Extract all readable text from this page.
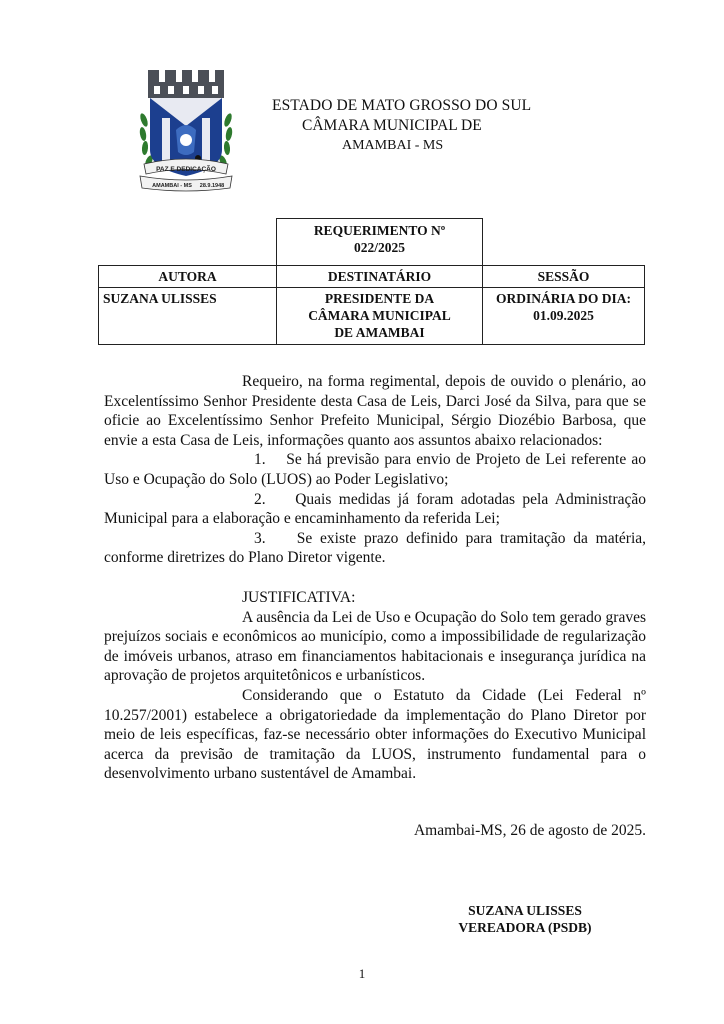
PAZ E DEDICAÇÃO
AMAMBAI - MS 28.9.1948
ESTADO DE MATO GROSSO DO SUL
CÂMARA MUNICIPAL DE
AMAMBAI - MS
	REQUERIMENTO Nº 022/2025	
AUTORA	DESTINATÁRIO	SESSÃO
SUZANA ULISSES	PRESIDENTE DA CÂMARA MUNICIPAL DE AMAMBAI	ORDINÁRIA DO DIA: 01.09.2025

Requeiro, na forma regimental, depois de ouvido o plenário, ao Excelentíssimo Senhor Presidente desta Casa de Leis, Darci José da Silva, para que se oficie ao Excelentíssimo Senhor Prefeito Municipal, Sérgio Diozébio Barbosa, que envie a esta Casa de Leis, informações quanto aos assuntos abaixo relacionados:

1. Se há previsão para envio de Projeto de Lei referente ao Uso e Ocupação do Solo (LUOS) ao Poder Legislativo;

2. Quais medidas já foram adotadas pela Administração Municipal para a elaboração e encaminhamento da referida Lei;

3. Se existe prazo definido para tramitação da matéria, conforme diretrizes do Plano Diretor vigente.

JUSTIFICATIVA:

A ausência da Lei de Uso e Ocupação do Solo tem gerado graves prejuízos sociais e econômicos ao município, como a impossibilidade de regularização de imóveis urbanos, atraso em financiamentos habitacionais e insegurança jurídica na aprovação de projetos arquitetônicos e urbanísticos.

Considerando que o Estatuto da Cidade (Lei Federal nº 10.257/2001) estabelece a obrigatoriedade da implementação do Plano Diretor por meio de leis específicas, faz-se necessário obter informações do Executivo Municipal acerca da previsão de tramitação da LUOS, instrumento fundamental para o desenvolvimento urbano sustentável de Amambai.

Amambai-MS, 26 de agosto de 2025.
SUZANA ULISSES
VEREADORA (PSDB)
1
